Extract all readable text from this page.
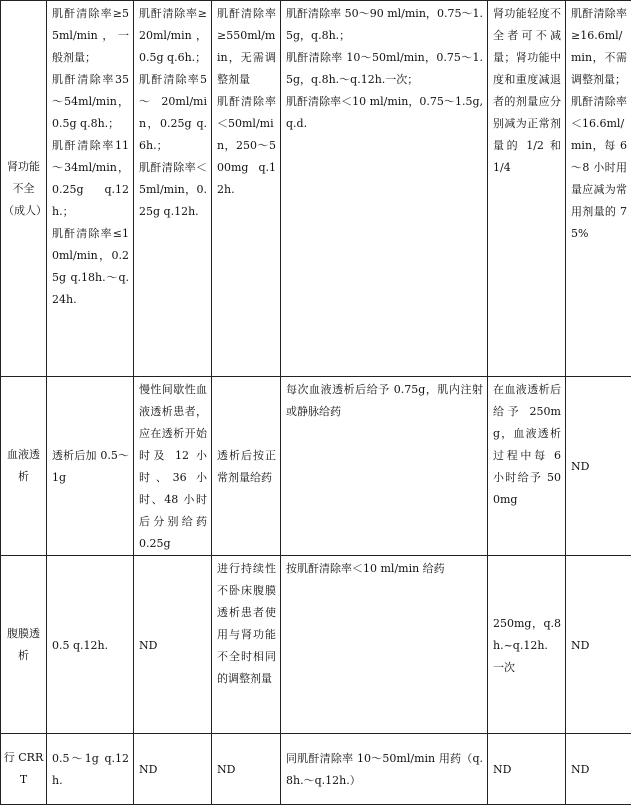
肾功能不全（成人）	肌酐清除率≥55ml/min，一般剂量；
肌酐清除率35～54ml/min，0.5g q.8h.；
肌酐清除率11～34ml/min，0.25g q.12h.；
肌酐清除率≤10ml/min，0.25g q.18h.～q.24h.	肌酐清除率≥20ml/min，0.5g q.6h.；
肌酐清除率5～20ml/min，0.25g q.6h.；
肌酐清除率＜5ml/min，0.25g q.12h.	肌酐清除率≥550ml/min，无需调整剂量
肌酐清除率＜50ml/min，250～500mg q.12h.	肌酐清除率 50～90 ml/min，0.75～1.5g，q.8h.；
肌酐清除率 10～50ml/min，0.75～1.5g，q.8h.～q.12h.一次；
肌酐清除率＜10 ml/min，0.75～1.5g, q.d.	肾功能轻度不全者可不减量；肾功能中度和重度减退者的剂量应分别减为正常剂量的 1/2 和 1/4	肌酐清除率≥16.6ml/min，不需调整剂量；
肌酐清除率＜16.6ml/min，每 6～8 小时用量应减为常用剂量的 75%

血液透析	透析后加 0.5～1g	慢性间歇性血液透析患者，应在透析开始时及 12 小时、36 小时、48 小时后分别给药 0.25g	透析后按正常剂量给药	每次血液透析后给予 0.75g，肌内注射或静脉给药	在血液透析后给予 250mg，血液透析过程中每 6 小时给予 500mg	ND

腹膜透析	0.5 q.12h.	ND	进行持续性不卧床腹膜透析患者使用与肾功能不全时相同的调整剂量	按肌酐清除率＜10 ml/min 给药	250mg，q.8h.~q.12h. 一次	ND

行 CRRT	0.5～1g q.12h.	ND	ND	同肌酐清除率 10～50ml/min 用药（q.8h.～q.12h.）	ND	ND
